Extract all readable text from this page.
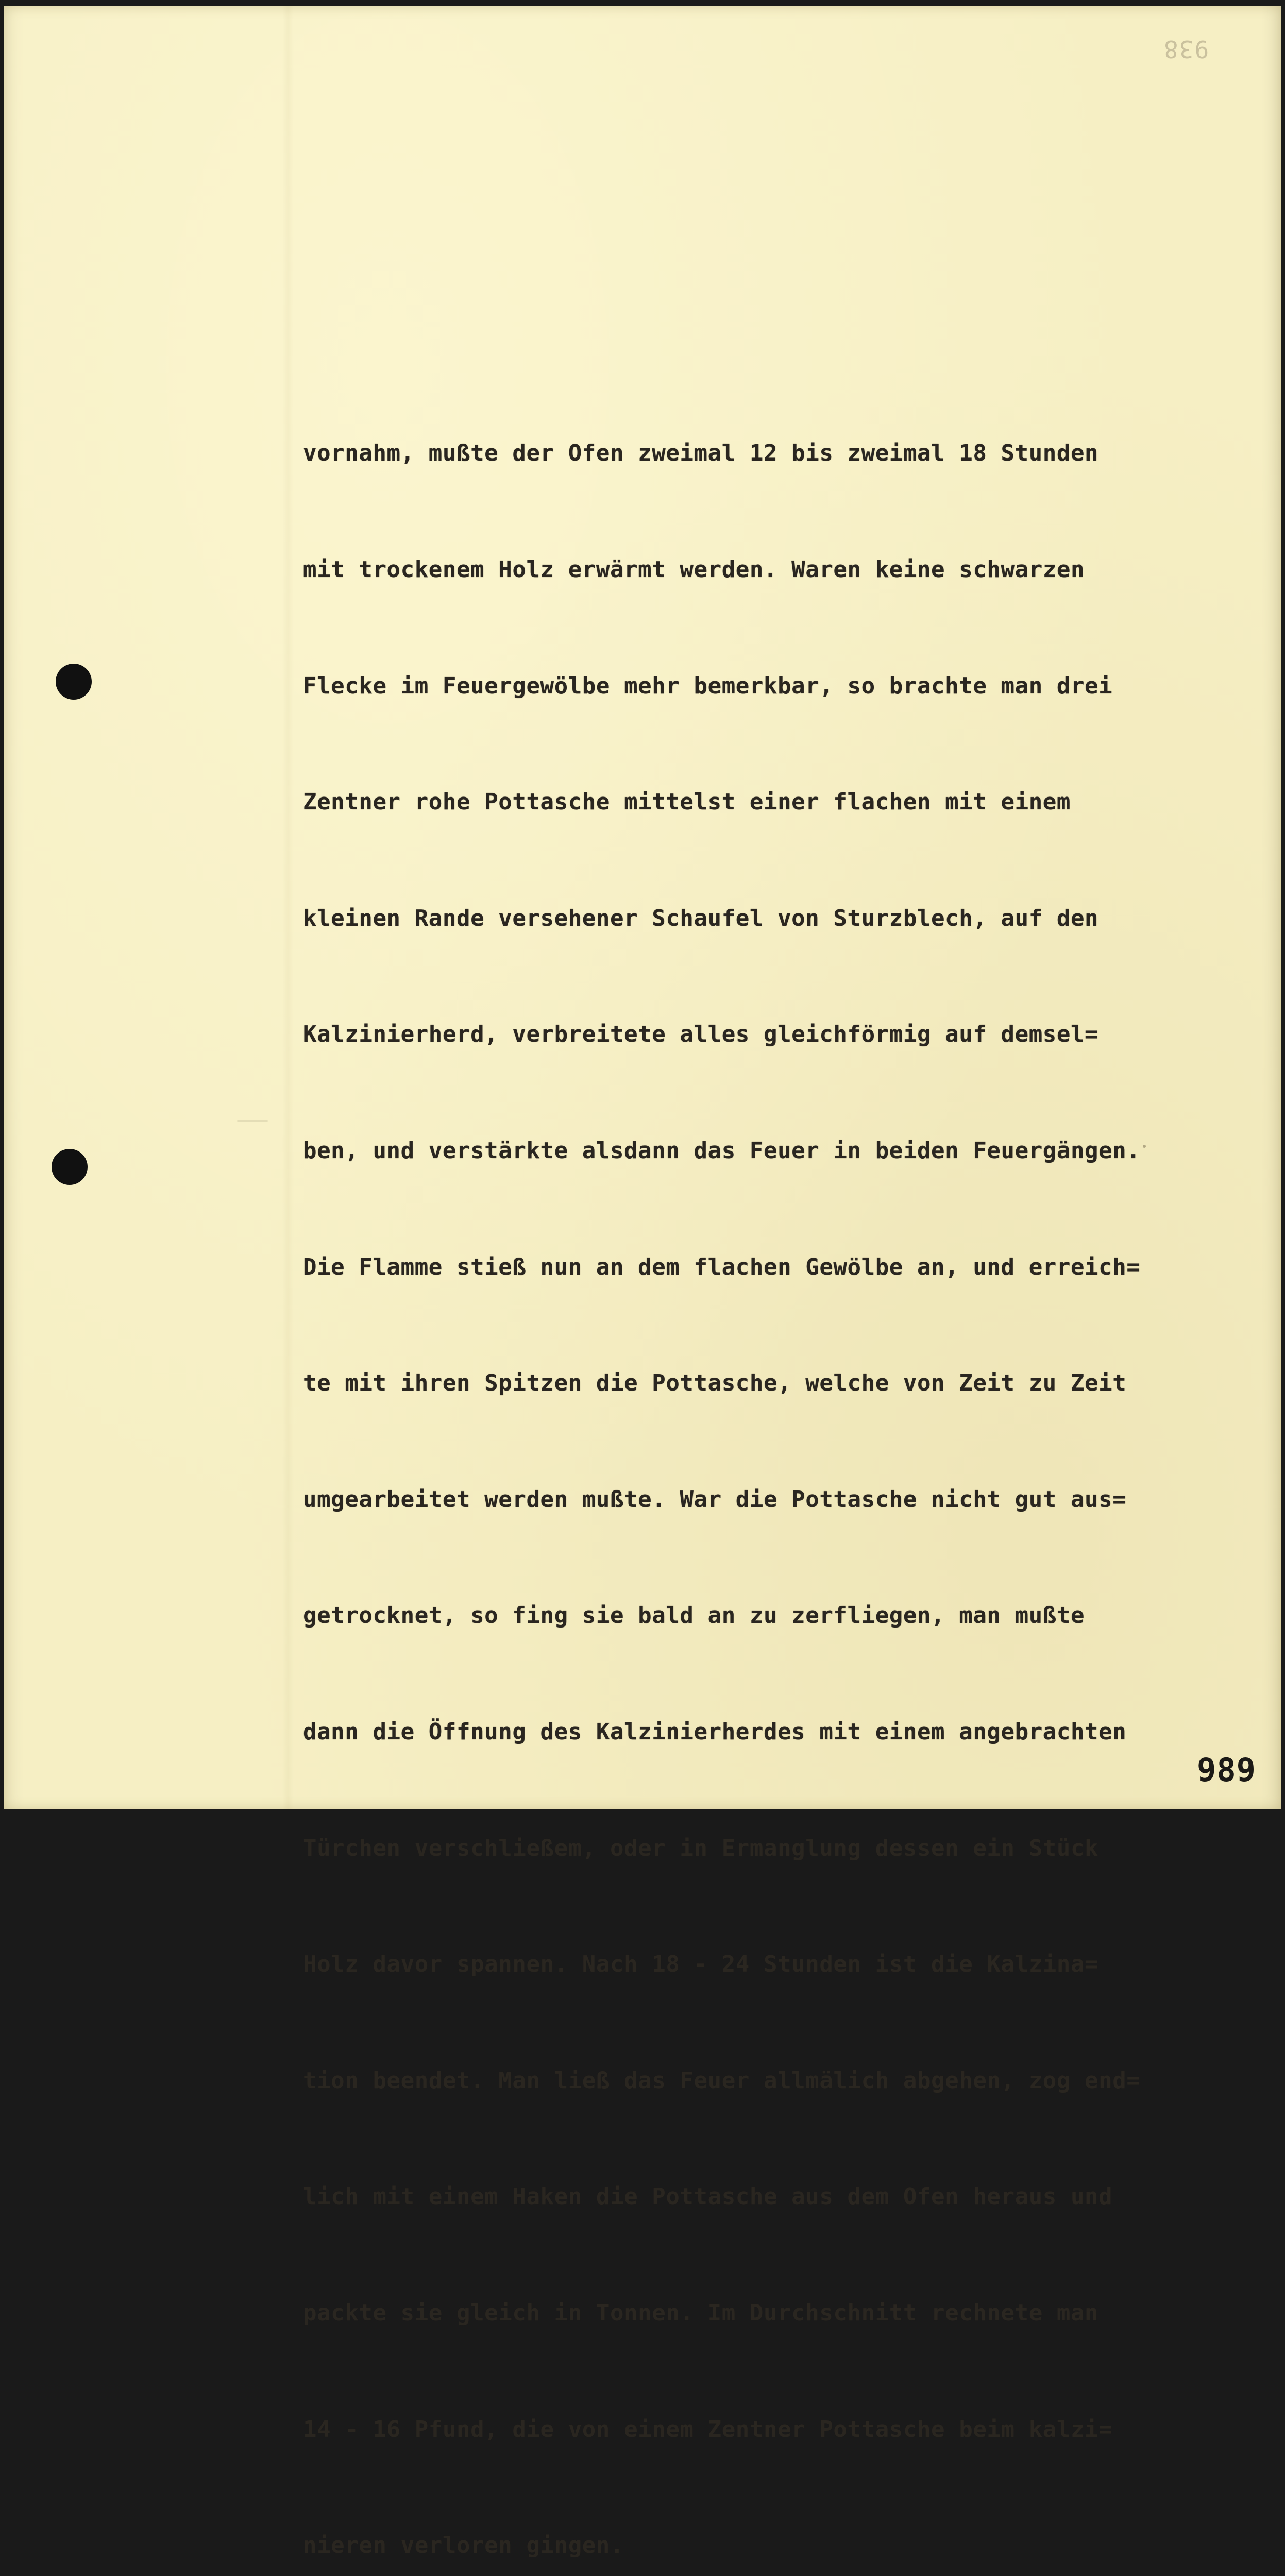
938

vornahm, mußte der Ofen zweimal 12 bis zweimal 18 Stunden

mit trockenem Holz erwärmt werden. Waren keine schwarzen

Flecke im Feuergewölbe mehr bemerkbar, so brachte man drei

Zentner rohe Pottasche mittelst einer flachen mit einem

kleinen Rande versehener Schaufel von Sturzblech, auf den

Kalzinierherd, verbreitete alles gleichförmig auf demsel=

ben, und verstärkte alsdann das Feuer in beiden Feuergängen.

Die Flamme stieß nun an dem flachen Gewölbe an, und erreich=

te mit ihren Spitzen die Pottasche, welche von Zeit zu Zeit

umgearbeitet werden mußte. War die Pottasche nicht gut aus=

getrocknet, so fing sie bald an zu zerfliegen, man mußte

dann die Öffnung des Kalzinierherdes mit einem angebrachten

Türchen verschließem, oder in Ermanglung dessen ein Stück

Holz davor spannen. Nach 18 - 24 Stunden ist die Kalzina=

tion beendet. Man ließ das Feuer allmälich abgehen, zog end=

lich mit einem Haken die Pottasche aus dem Ofen heraus und

packte sie gleich in Tonnen. Im Durchschnitt rechnete man

14 - 16 Pfund, die von einem Zentner Pottasche beim kalzi=

nieren verloren gingen.

989
